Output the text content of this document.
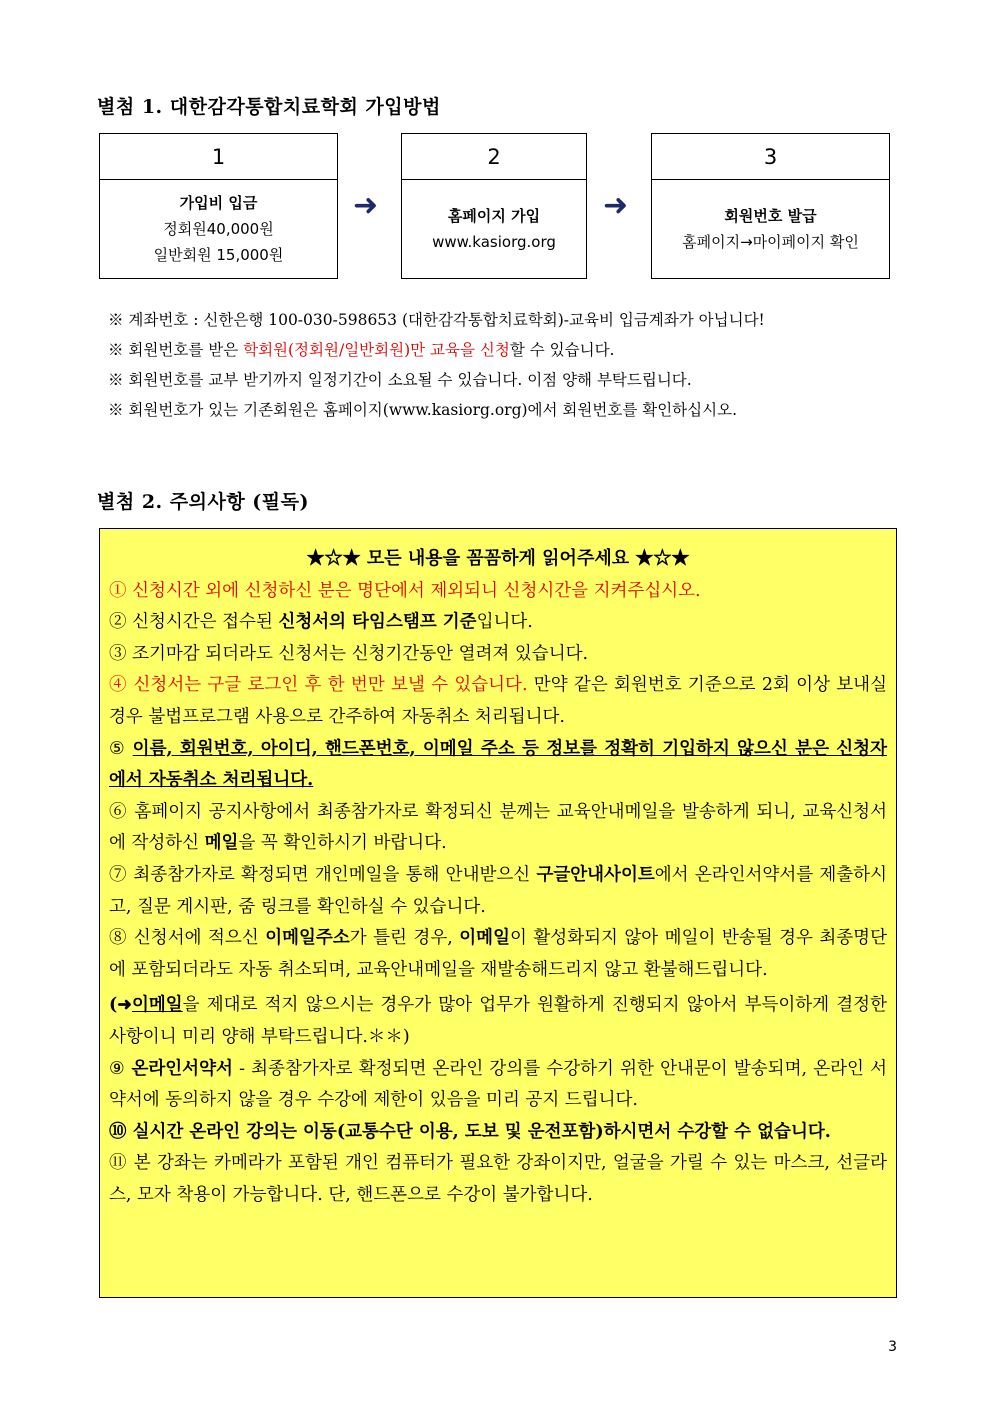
별첨 1. 대한감각통합치료학회 가입방법
1
가입비 입금
정회원40,000원
일반회원 15,000원
➜
2
홈페이지 가입
www.kasiorg.org
➜
3
회원번호 발급
홈페이지→마이페이지 확인
※ 계좌번호 : 신한은행 100-030-598653 (대한감각통합치료학회)-교육비 입금계좌가 아닙니다!
※ 회원번호를 받은 학회원(정회원/일반회원)만 교육을 신청할 수 있습니다.
※ 회원번호를 교부 받기까지 일정기간이 소요될 수 있습니다. 이점 양해 부탁드립니다.
※ 회원번호가 있는 기존회원은 홈페이지(www.kasiorg.org)에서 회원번호를 확인하십시오.
별첨 2. 주의사항 (필독)
★☆★ 모든 내용을 꼼꼼하게 읽어주세요 ★☆★

① 신청시간 외에 신청하신 분은 명단에서 제외되니 신청시간을 지켜주십시오.

② 신청시간은 접수된 신청서의 타임스탬프 기준입니다.

③ 조기마감 되더라도 신청서는 신청기간동안 열려져 있습니다.

④ 신청서는 구글 로그인 후 한 번만 보낼 수 있습니다. 만약 같은 회원번호 기준으로 2회 이상 보내실 경우 불법프로그램 사용으로 간주하여 자동취소 처리됩니다.

⑤ 이름, 회원번호, 아이디, 핸드폰번호, 이메일 주소 등 정보를 정확히 기입하지 않으신 분은 신청자에서 자동취소 처리됩니다.

⑥ 홈페이지 공지사항에서 최종참가자로 확정되신 분께는 교육안내메일을 발송하게 되니, 교육신청서에 작성하신 메일을 꼭 확인하시기 바랍니다.

⑦ 최종참가자로 확정되면 개인메일을 통해 안내받으신 구글안내사이트에서 온라인서약서를 제출하시고, 질문 게시판, 줌 링크를 확인하실 수 있습니다.

⑧ 신청서에 적으신 이메일주소가 틀린 경우, 이메일이 활성화되지 않아 메일이 반송될 경우 최종명단에 포함되더라도 자동 취소되며, 교육안내메일을 재발송해드리지 않고 환불해드립니다.

(➜이메일을 제대로 적지 않으시는 경우가 많아 업무가 원활하게 진행되지 않아서 부득이하게 결정한 사항이니 미리 양해 부탁드립니다.＊＊)

⑨ 온라인서약서 - 최종참가자로 확정되면 온라인 강의를 수강하기 위한 안내문이 발송되며, 온라인 서약서에 동의하지 않을 경우 수강에 제한이 있음을 미리 공지 드립니다.

⑩ 실시간 온라인 강의는 이동(교통수단 이용, 도보 및 운전포함)하시면서 수강할 수 없습니다.

⑪ 본 강좌는 카메라가 포함된 개인 컴퓨터가 필요한 강좌이지만, 얼굴을 가릴 수 있는 마스크, 선글라스, 모자 착용이 가능합니다. 단, 핸드폰으로 수강이 불가합니다.

3
